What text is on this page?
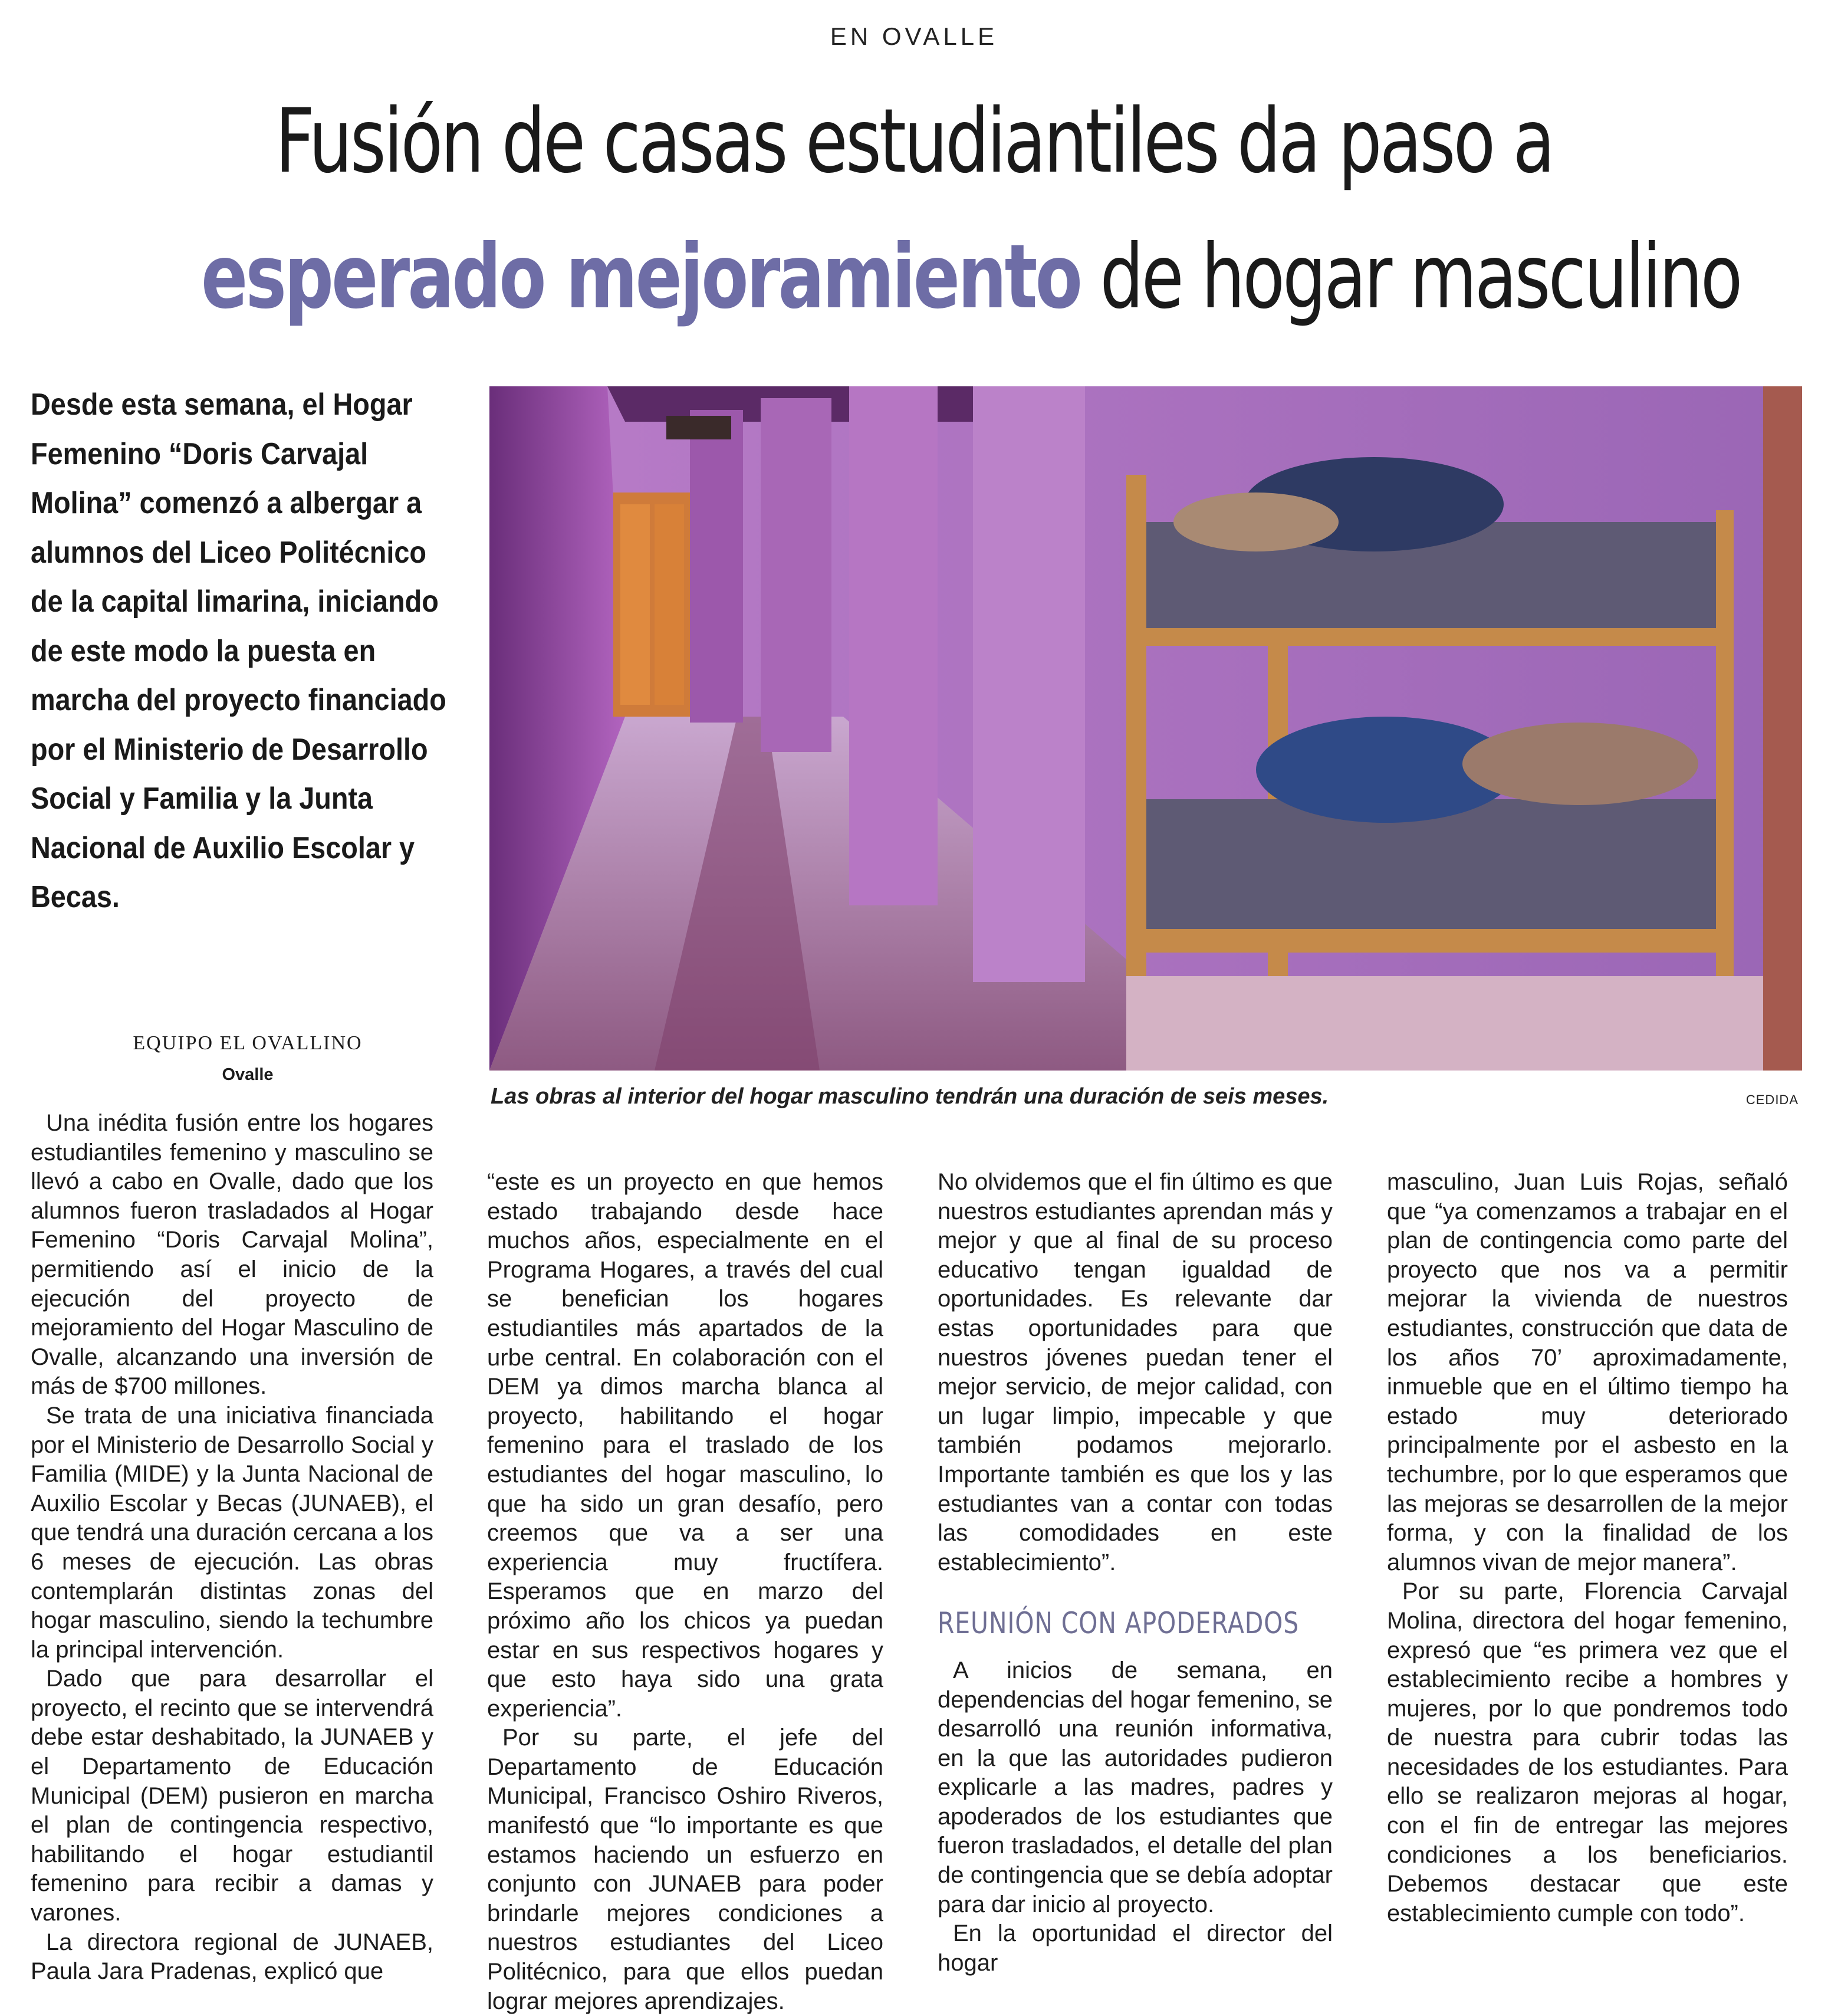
EN OVALLE
Fusión de casas estudiantiles da paso a
esperado mejoramiento de hogar masculino
Desde esta semana, el Hogar Femenino “Doris Carvajal Molina” comenzó a albergar a alumnos del Liceo Politécnico de la capital limarina, iniciando de este modo la puesta en marcha del proyecto financiado por el Ministerio de Desarrollo Social y Familia y la Junta Nacional de Auxilio Escolar y Becas.
EQUIPO EL OVALLINO
Ovalle
Las obras al interior del hogar masculino tendrán una duración de seis meses.	CEDIDA

Una inédita fusión entre los hogares estudiantiles femenino y masculino se llevó a cabo en Ovalle, dado que los alumnos fueron trasladados al Hogar Femenino “Doris Carvajal Molina”, permitiendo así el inicio de la ejecución del proyecto de mejoramiento del Hogar Masculino de Ovalle, alcanzando una inversión de más de $700 millones.

Se trata de una iniciativa financiada por el Ministerio de Desarrollo Social y Familia (MIDE) y la Junta Nacional de Auxilio Escolar y Becas (JUNAEB), el que tendrá una duración cercana a los 6 meses de ejecución. Las obras contemplarán distintas zonas del hogar masculino, siendo la techumbre la principal intervención.

Dado que para desarrollar el proyecto, el recinto que se intervendrá debe estar deshabitado, la JUNAEB y el Departamento de Educación Municipal (DEM) pusieron en marcha el plan de contingencia respectivo, habilitando el hogar estudiantil femenino para recibir a damas y varones.

La directora regional de JUNAEB, Paula Jara Pradenas, explicó que

“este es un proyecto en que hemos estado trabajando desde hace muchos años, especialmente en el Programa Hogares, a través del cual se benefician los hogares estudiantiles más apartados de la urbe central. En colaboración con el DEM ya dimos marcha blanca al proyecto, habilitando el hogar femenino para el traslado de los estudiantes del hogar masculino, lo que ha sido un gran desafío, pero creemos que va a ser una experiencia muy fructífera. Esperamos que en marzo del próximo año los chicos ya puedan estar en sus respectivos hogares y que esto haya sido una grata experiencia”.

Por su parte, el jefe del Departamento de Educación Municipal, Francisco Oshiro Riveros, manifestó que “lo importante es que estamos haciendo un esfuerzo en conjunto con JUNAEB para poder brindarle mejores condiciones a nuestros estudiantes del Liceo Politécnico, para que ellos puedan lograr mejores aprendizajes.

No olvidemos que el fin último es que nuestros estudiantes aprendan más y mejor y que al final de su proceso educativo tengan igualdad de oportunidades. Es relevante dar estas oportunidades para que nuestros jóvenes puedan tener el mejor servicio, de mejor calidad, con un lugar limpio, impecable y que también podamos mejorarlo. Importante también es que los y las estudiantes van a contar con todas las comodidades en este establecimiento”.

REUNIÓN CON APODERADOS

A inicios de semana, en dependencias del hogar femenino, se desarrolló una reunión informativa, en la que las autoridades pudieron explicarle a las madres, padres y apoderados de los estudiantes que fueron trasladados, el detalle del plan de contingencia que se debía adoptar para dar inicio al proyecto.

En la oportunidad el director del hogar

masculino, Juan Luis Rojas, señaló que “ya comenzamos a trabajar en el plan de contingencia como parte del proyecto que nos va a permitir mejorar la vivienda de nuestros estudiantes, construcción que data de los años 70’ aproximadamente, inmueble que en el último tiempo ha estado muy deteriorado principalmente por el asbesto en la techumbre, por lo que esperamos que las mejoras se desarrollen de la mejor forma, y con la finalidad de los alumnos vivan de mejor manera”.

Por su parte, Florencia Carvajal Molina, directora del hogar femenino, expresó que “es primera vez que el establecimiento recibe a hombres y mujeres, por lo que pondremos todo de nuestra para cubrir todas las necesidades de los estudiantes. Para ello se realizaron mejoras al hogar, con el fin de entregar las mejores condiciones a los beneficiarios. Debemos destacar que este establecimiento cumple con todo”.
